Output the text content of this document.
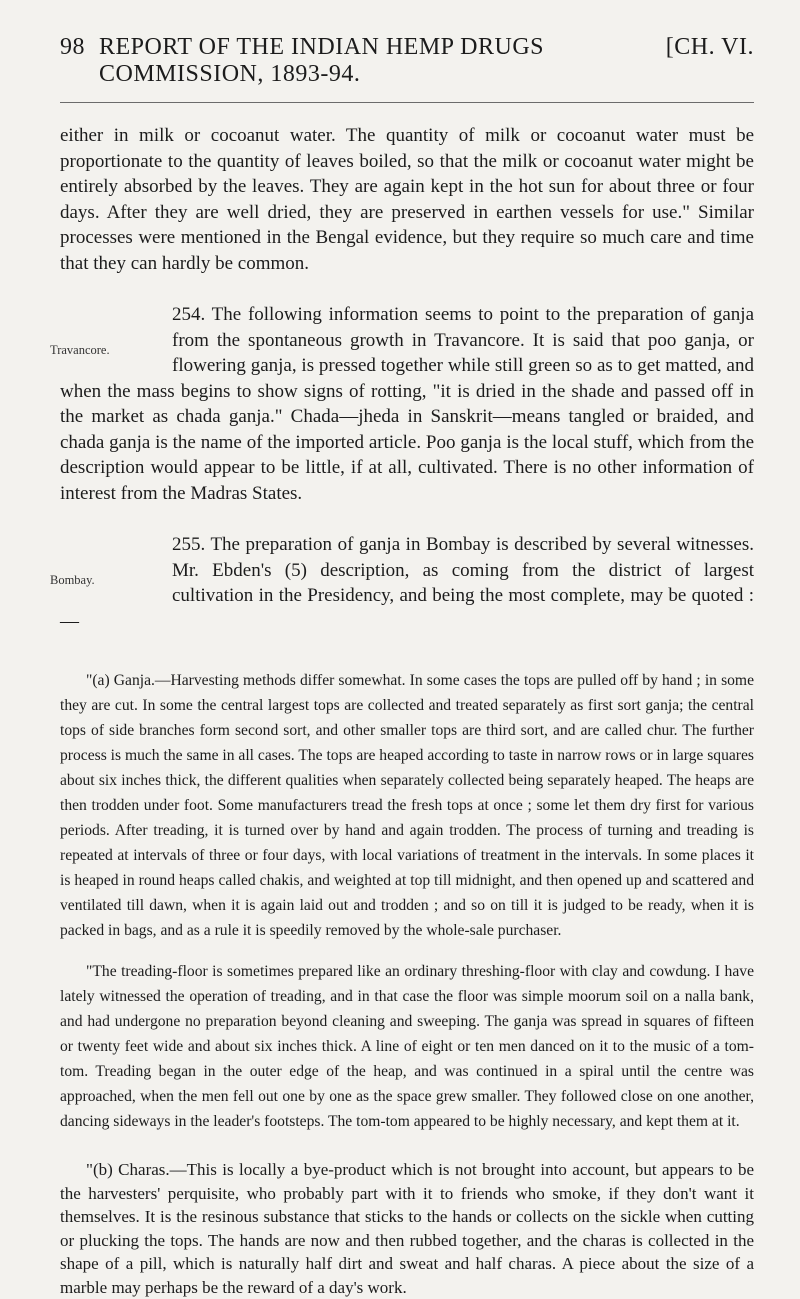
98 REPORT OF THE INDIAN HEMP DRUGS COMMISSION, 1893-94.
[CH. VI.

either in milk or cocoanut water. The quantity of milk or cocoanut water must be proportionate to the quantity of leaves boiled, so that the milk or cocoanut water might be entirely absorbed by the leaves. They are again kept in the hot sun for about three or four days. After they are well dried, they are preserved in earthen vessels for use." Similar processes were mentioned in the Bengal evidence, but they require so much care and time that they can hardly be common.

Travancore.

254. The following information seems to point to the preparation of ganja from the spontaneous growth in Travancore. It is said that poo ganja, or flowering ganja, is pressed together while still green so as to get matted, and when the mass begins to show signs of rotting, "it is dried in the shade and passed off in the market as chada ganja." Chada—jheda in Sanskrit—means tangled or braided, and chada ganja is the name of the imported article. Poo ganja is the local stuff, which from the description would appear to be little, if at all, cultivated. There is no other information of interest from the Madras States.

Bombay.

255. The preparation of ganja in Bombay is described by several witnesses. Mr. Ebden's (5) description, as coming from the district of largest cultivation in the Presidency, and being the most complete, may be quoted :—

"(a) Ganja.—Harvesting methods differ somewhat. In some cases the tops are pulled off by hand ; in some they are cut. In some the central largest tops are collected and treated separately as first sort ganja; the central tops of side branches form second sort, and other smaller tops are third sort, and are called chur. The further process is much the same in all cases. The tops are heaped according to taste in narrow rows or in large squares about six inches thick, the different qualities when separately collected being separately heaped. The heaps are then trodden under foot. Some manufacturers tread the fresh tops at once ; some let them dry first for various periods. After treading, it is turned over by hand and again trodden. The process of turning and treading is repeated at intervals of three or four days, with local variations of treatment in the intervals. In some places it is heaped in round heaps called chakis, and weighted at top till midnight, and then opened up and scattered and ventilated till dawn, when it is again laid out and trodden ; and so on till it is judged to be ready, when it is packed in bags, and as a rule it is speedily removed by the whole-sale purchaser.

"The treading-floor is sometimes prepared like an ordinary threshing-floor with clay and cowdung. I have lately witnessed the operation of treading, and in that case the floor was simple moorum soil on a nalla bank, and had undergone no preparation beyond cleaning and sweeping. The ganja was spread in squares of fifteen or twenty feet wide and about six inches thick. A line of eight or ten men danced on it to the music of a tom-tom. Treading began in the outer edge of the heap, and was continued in a spiral until the centre was approached, when the men fell out one by one as the space grew smaller. They followed close on one another, dancing sideways in the leader's footsteps. The tom-tom appeared to be highly necessary, and kept them at it.

"(b) Charas.—This is locally a bye-product which is not brought into account, but appears to be the harvesters' perquisite, who probably part with it to friends who smoke, if they don't want it themselves. It is the resinous substance that sticks to the hands or collects on the sickle when cutting or plucking the tops. The hands are now and then rubbed together, and the charas is collected in the shape of a pill, which is naturally half dirt and sweat and half charas. A piece about the size of a marble may perhaps be the reward of a day's work.
